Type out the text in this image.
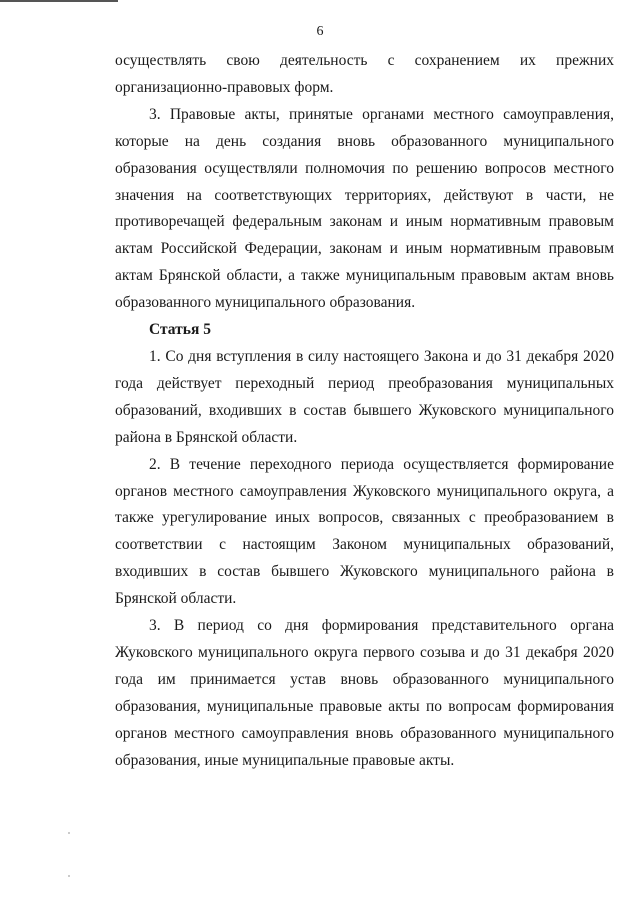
6

осуществлять свою деятельность с сохранением их прежних организационно-правовых форм.

3. Правовые акты, принятые органами местного самоуправления, которые на день создания вновь образованного муниципального образования осуществляли полномочия по решению вопросов местного значения на соответствующих территориях, действуют в части, не противоречащей федеральным законам и иным нормативным правовым актам Российской Федерации, законам и иным нормативным правовым актам Брянской области, а также муниципальным правовым актам вновь образованного муниципального образования.

Статья 5

1. Со дня вступления в силу настоящего Закона и до 31 декабря 2020 года действует переходный период преобразования муниципальных образований, входивших в состав бывшего Жуковского муниципального района в Брянской области.

2. В течение переходного периода осуществляется формирование органов местного самоуправления Жуковского муниципального округа, а также урегулирование иных вопросов, связанных с преобразованием в соответствии с настоящим Законом муниципальных образований, входивших в состав бывшего Жуковского муниципального района в Брянской области.

3. В период со дня формирования представительного органа Жуковского муниципального округа первого созыва и до 31 декабря 2020 года им принимается устав вновь образованного муниципального образования, муниципальные правовые акты по вопросам формирования органов местного самоуправления вновь образованного муниципального образования, иные муниципальные правовые акты.
